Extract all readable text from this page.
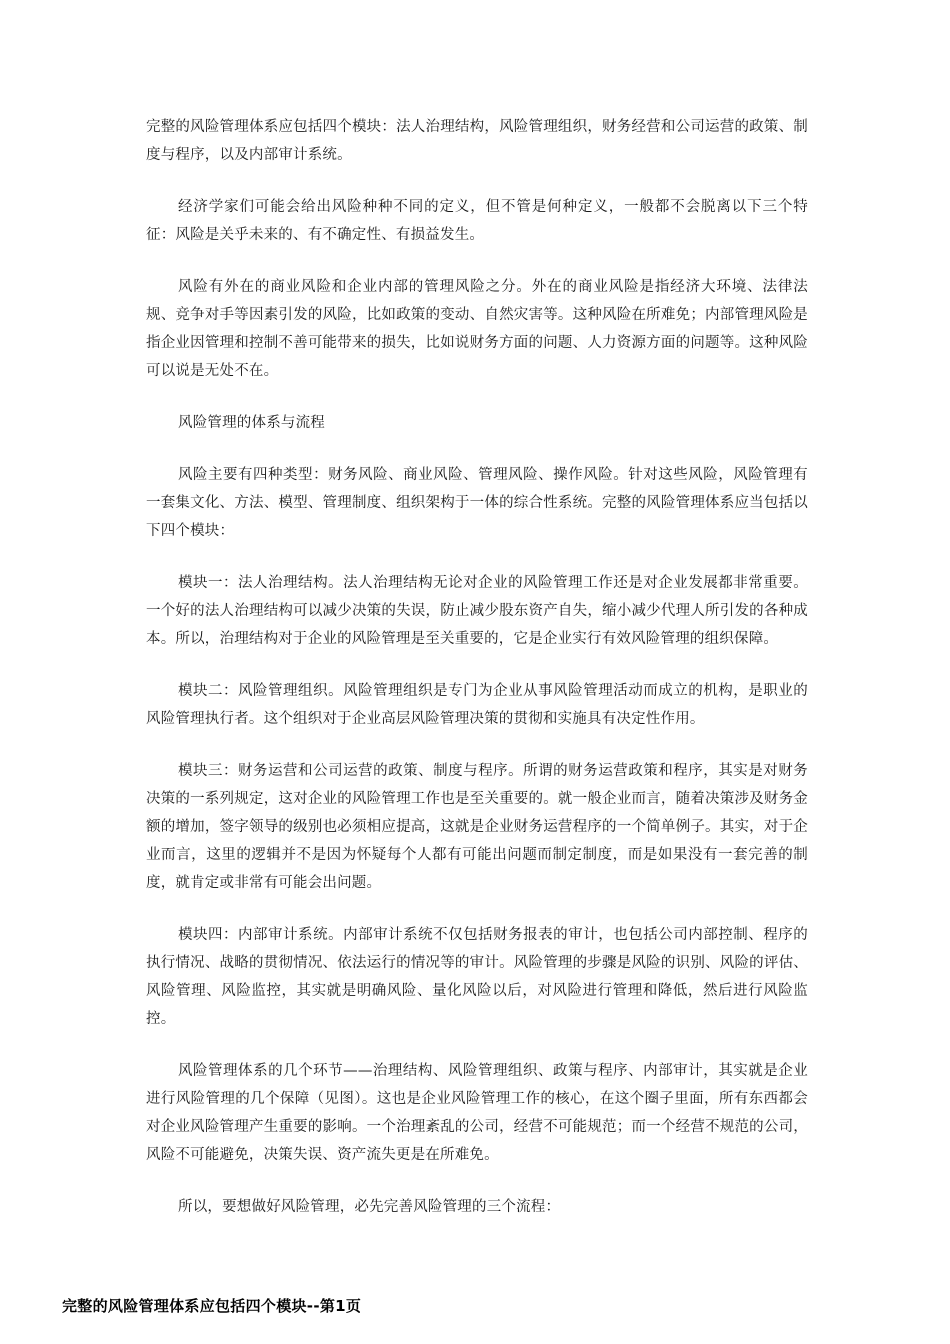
完整的风险管理体系应包括四个模块：法人治理结构，风险管理组织，财务经营和公司运营的政策、制度与程序，以及内部审计系统。

经济学家们可能会给出风险种种不同的定义，但不管是何种定义，一般都不会脱离以下三个特征：风险是关乎未来的、有不确定性、有损益发生。

风险有外在的商业风险和企业内部的管理风险之分。外在的商业风险是指经济大环境、法律法规、竞争对手等因素引发的风险，比如政策的变动、自然灾害等。这种风险在所难免；内部管理风险是指企业因管理和控制不善可能带来的损失，比如说财务方面的问题、人力资源方面的问题等。这种风险可以说是无处不在。

风险管理的体系与流程

风险主要有四种类型：财务风险、商业风险、管理风险、操作风险。针对这些风险，风险管理有一套集文化、方法、模型、管理制度、组织架构于一体的综合性系统。完整的风险管理体系应当包括以下四个模块：

模块一：法人治理结构。法人治理结构无论对企业的风险管理工作还是对企业发展都非常重要。一个好的法人治理结构可以减少决策的失误，防止减少股东资产自失，缩小减少代理人所引发的各种成本。所以，治理结构对于企业的风险管理是至关重要的，它是企业实行有效风险管理的组织保障。

模块二：风险管理组织。风险管理组织是专门为企业从事风险管理活动而成立的机构，是职业的风险管理执行者。这个组织对于企业高层风险管理决策的贯彻和实施具有决定性作用。

模块三：财务运营和公司运营的政策、制度与程序。所谓的财务运营政策和程序，其实是对财务决策的一系列规定，这对企业的风险管理工作也是至关重要的。就一般企业而言，随着决策涉及财务金额的增加，签字领导的级别也必须相应提高，这就是企业财务运营程序的一个简单例子。其实，对于企业而言，这里的逻辑并不是因为怀疑每个人都有可能出问题而制定制度，而是如果没有一套完善的制度，就肯定或非常有可能会出问题。

模块四：内部审计系统。内部审计系统不仅包括财务报表的审计，也包括公司内部控制、程序的执行情况、战略的贯彻情况、依法运行的情况等的审计。风险管理的步骤是风险的识别、风险的评估、风险管理、风险监控，其实就是明确风险、量化风险以后，对风险进行管理和降低，然后进行风险监控。

风险管理体系的几个环节——治理结构、风险管理组织、政策与程序、内部审计，其实就是企业进行风险管理的几个保障（见图）。这也是企业风险管理工作的核心，在这个圈子里面，所有东西都会对企业风险管理产生重要的影响。一个治理紊乱的公司，经营不可能规范；而一个经营不规范的公司，风险不可能避免，决策失误、资产流失更是在所难免。

所以，要想做好风险管理，必先完善风险管理的三个流程：

完整的风险管理体系应包括四个模块--第1页
